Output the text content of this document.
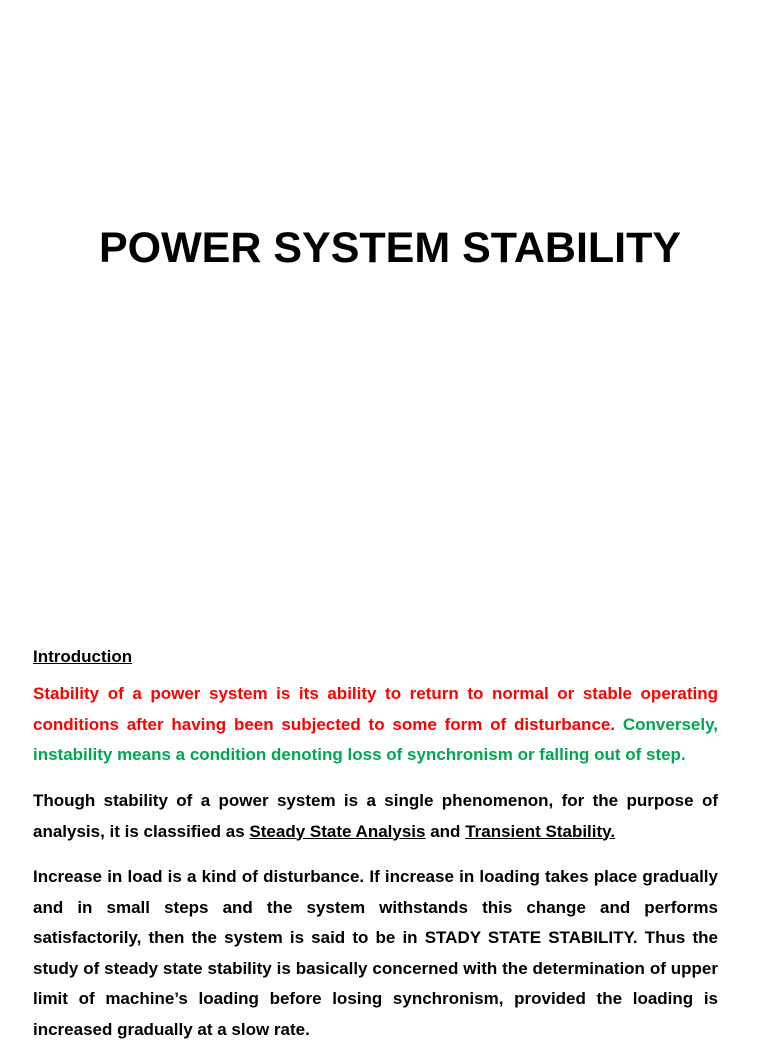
POWER SYSTEM STABILITY
Introduction
Stability of a power system is its ability to return to normal or stable operating conditions after having been subjected to some form of disturbance. Conversely, instability means a condition denoting loss of synchronism or falling out of step.
Though stability of a power system is a single phenomenon, for the purpose of analysis, it is classified as Steady State Analysis and Transient Stability.
Increase in load is a kind of disturbance. If increase in loading takes place gradually and in small steps and the system withstands this change and performs satisfactorily, then the system is said to be in STADY STATE STABILITY. Thus the study of steady state stability is basically concerned with the determination of upper limit of machine’s loading before losing synchronism, provided the loading is increased gradually at a slow rate.
